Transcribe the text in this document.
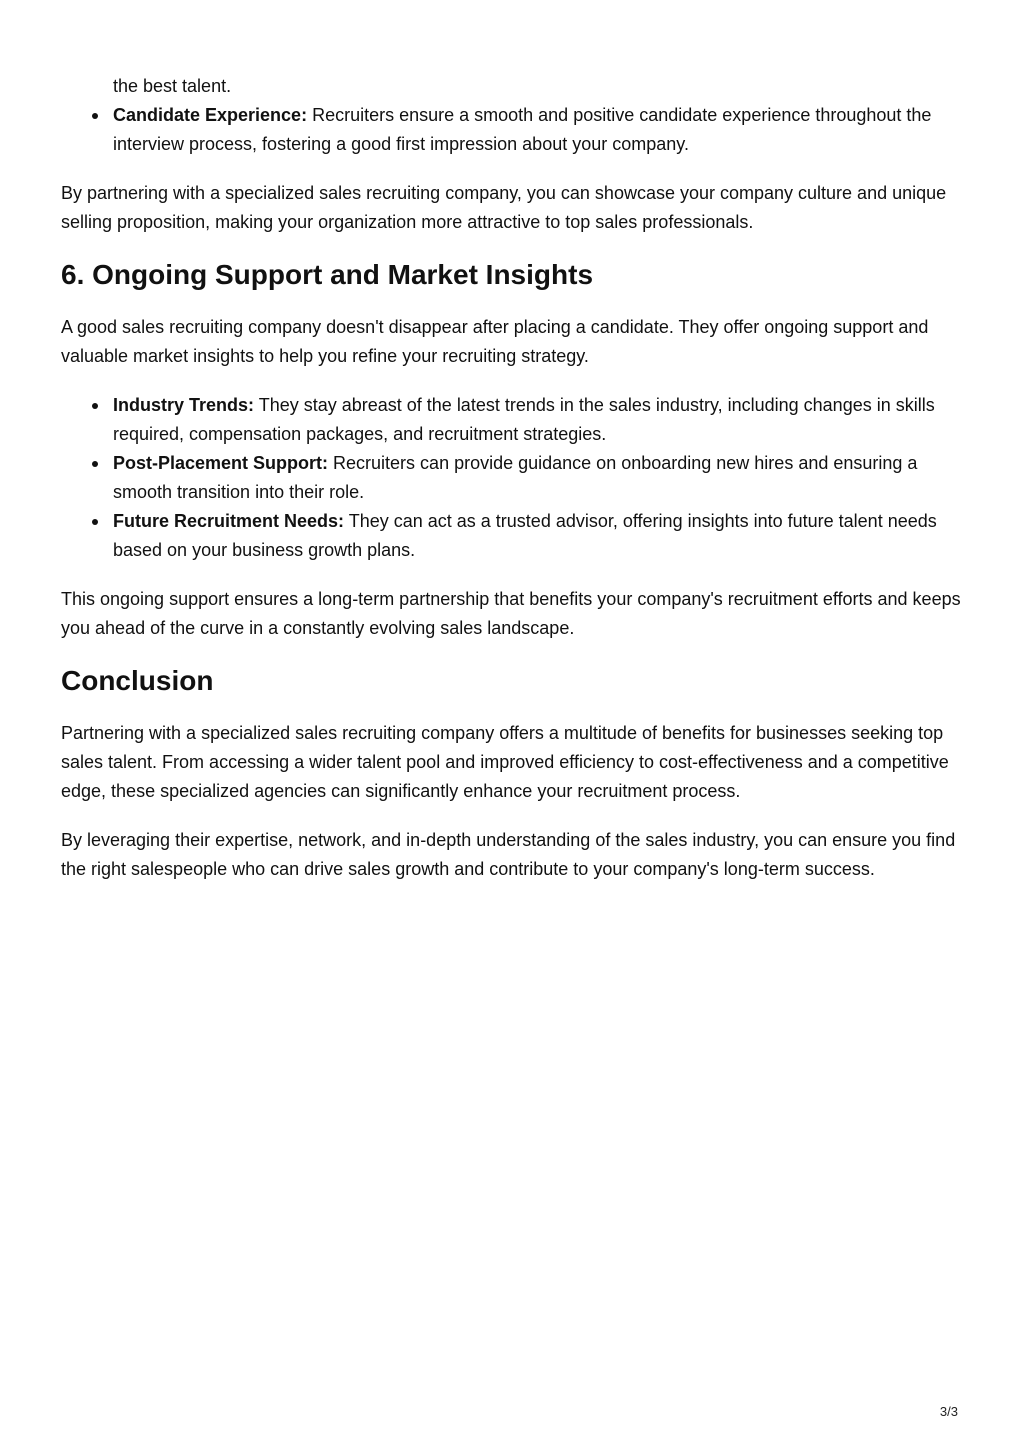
the best talent.

Candidate Experience: Recruiters ensure a smooth and positive candidate experience throughout the interview process, fostering a good first impression about your company.

By partnering with a specialized sales recruiting company, you can showcase your company culture and unique selling proposition, making your organization more attractive to top sales professionals.

6. Ongoing Support and Market Insights

A good sales recruiting company doesn't disappear after placing a candidate. They offer ongoing support and valuable market insights to help you refine your recruiting strategy.

Industry Trends: They stay abreast of the latest trends in the sales industry, including changes in skills required, compensation packages, and recruitment strategies.
Post-Placement Support: Recruiters can provide guidance on onboarding new hires and ensuring a smooth transition into their role.
Future Recruitment Needs: They can act as a trusted advisor, offering insights into future talent needs based on your business growth plans.

This ongoing support ensures a long-term partnership that benefits your company's recruitment efforts and keeps you ahead of the curve in a constantly evolving sales landscape.

Conclusion

Partnering with a specialized sales recruiting company offers a multitude of benefits for businesses seeking top sales talent. From accessing a wider talent pool and improved efficiency to cost-effectiveness and a competitive edge, these specialized agencies can significantly enhance your recruitment process.

By leveraging their expertise, network, and in-depth understanding of the sales industry, you can ensure you find the right salespeople who can drive sales growth and contribute to your company's long-term success.

3/3
